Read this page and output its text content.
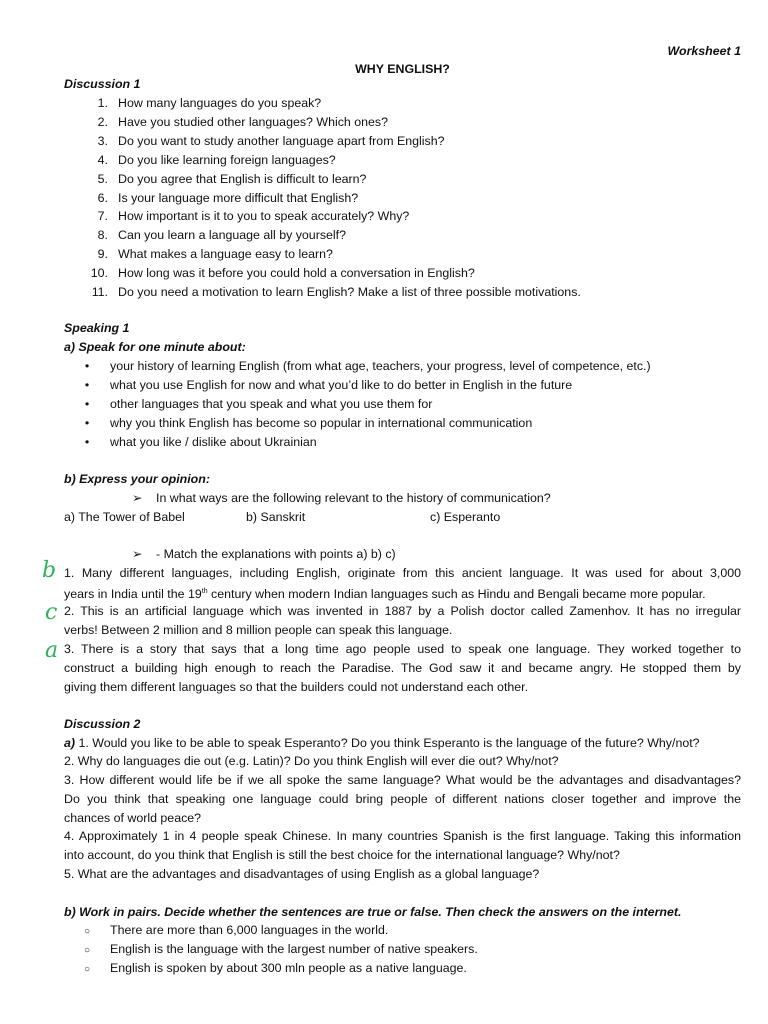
Worksheet 1
WHY ENGLISH?
Discussion 1
1. How many languages do you speak?
2. Have you studied other languages? Which ones?
3. Do you want to study another language apart from English?
4. Do you like learning foreign languages?
5. Do you agree that English is difficult to learn?
6. Is your language more difficult that English?
7. How important is it to you to speak accurately? Why?
8. Can you learn a language all by yourself?
9. What makes a language easy to learn?
10. How long was it before you could hold a conversation in English?
11. Do you need a motivation to learn English? Make a list of three possible motivations.
Speaking 1
a) Speak for one minute about:
• your history of learning English (from what age, teachers, your progress, level of competence, etc.)
• what you use English for now and what you’d like to do better in English in the future
• other languages that you speak and what you use them for
• why you think English has become so popular in international communication
• what you like / dislike about Ukrainian
b) Express your opinion:
➢ In what ways are the following relevant to the history of communication?
a) The Tower of Babel	b) Sanskrit	c) Esperanto
➢ - Match the explanations with points a) b) c)
b
c
a
1. Many different languages, including English, originate from this ancient language. It was used for about 3,000
years in India until the 19th century when modern Indian languages such as Hindu and Bengali became more popular.
2. This is an artificial language which was invented in 1887 by a Polish doctor called Zamenhov. It has no irregular
verbs! Between 2 million and 8 million people can speak this language.
3. There is a story that says that a long time ago people used to speak one language. They worked together to
construct a building high enough to reach the Paradise. The God saw it and became angry. He stopped them by
giving them different languages so that the builders could not understand each other.
Discussion 2
a) 1. Would you like to be able to speak Esperanto? Do you think Esperanto is the language of the future? Why/not?
2. Why do languages die out (e.g. Latin)? Do you think English will ever die out? Why/not?
3. How different would life be if we all spoke the same language? What would be the advantages and disadvantages?
Do you think that speaking one language could bring people of different nations closer together and improve the
chances of world peace?
4. Approximately 1 in 4 people speak Chinese. In many countries Spanish is the first language. Taking this information
into account, do you think that English is still the best choice for the international language? Why/not?
5. What are the advantages and disadvantages of using English as a global language?
b) Work in pairs. Decide whether the sentences are true or false. Then check the answers on the internet.
○ There are more than 6,000 languages in the world.
○ English is the language with the largest number of native speakers.
○ English is spoken by about 300 mln people as a native language.
